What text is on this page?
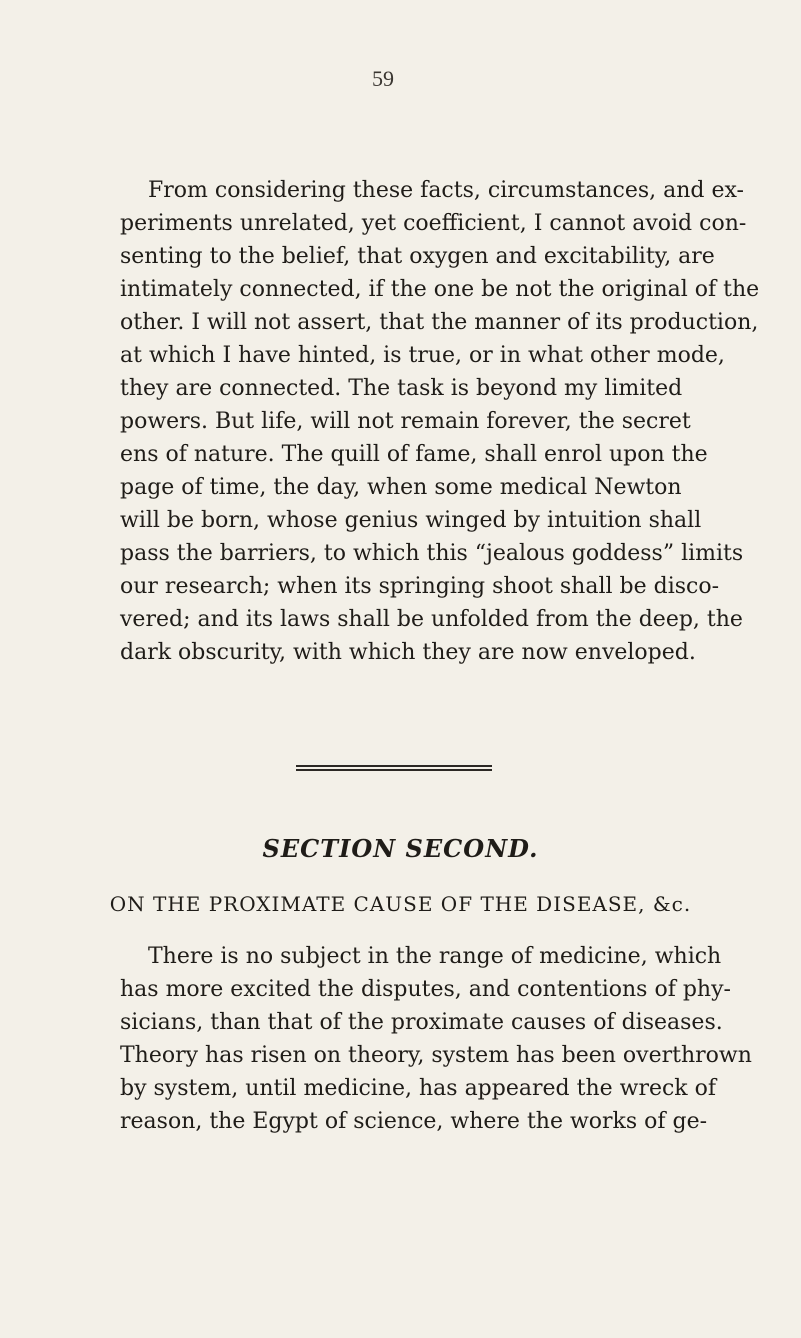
59
From considering these facts, circumstances, and ex-
periments unrelated, yet coefficient, I cannot avoid con-
senting to the belief, that oxygen and excitability, are
intimately connected, if the one be not the original of the
other. I will not assert, that the manner of its production,
at which I have hinted, is true, or in what other mode,
they are connected. The task is beyond my limited
powers. But life, will not remain forever, the secret
ens of nature. The quill of fame, shall enrol upon the
page of time, the day, when some medical Newton
will be born, whose genius winged by intuition shall
pass the barriers, to which this “jealous goddess” limits
our research; when its springing shoot shall be disco-
vered; and its laws shall be unfolded from the deep, the
dark obscurity, with which they are now enveloped.
SECTION SECOND.
ON THE PROXIMATE CAUSE OF THE DISEASE, &c.
There is no subject in the range of medicine, which
has more excited the disputes, and contentions of phy-
sicians, than that of the proximate causes of diseases.
Theory has risen on theory, system has been overthrown
by system, until medicine, has appeared the wreck of
reason, the Egypt of science, where the works of ge-
